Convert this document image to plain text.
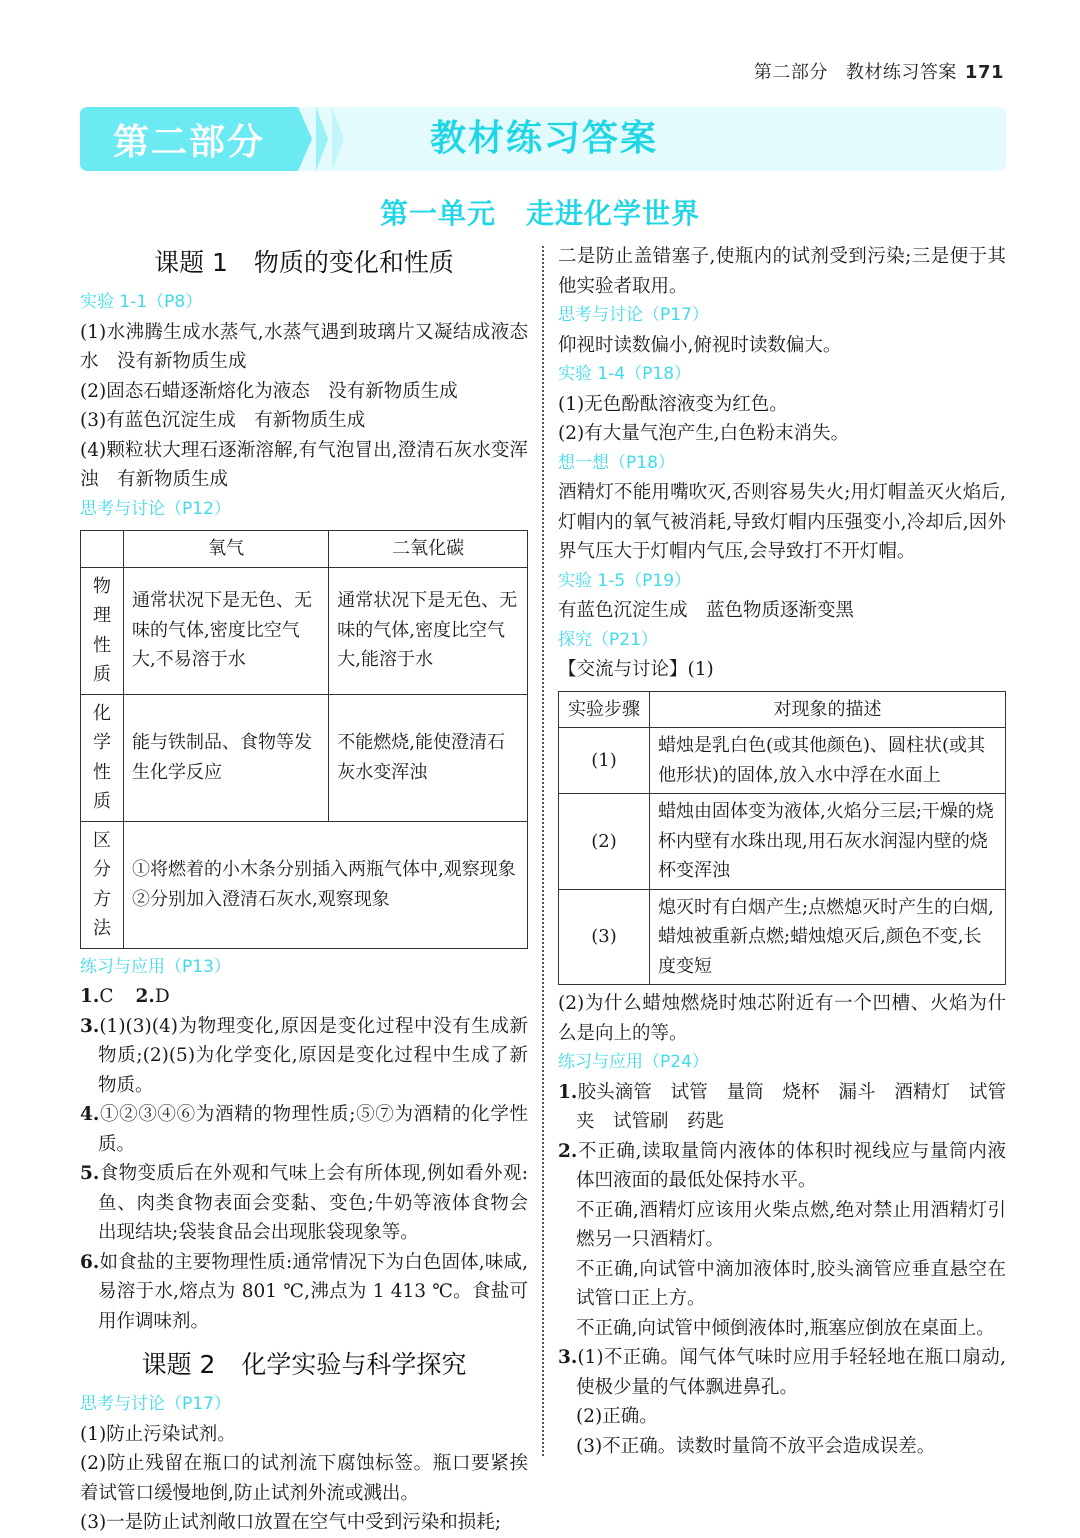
第二部分 教材练习答案 171
第二部分	教材练习答案
第一单元 走进化学世界
课题 1 物质的变化和性质
实验 1-1（P8）

(1)水沸腾生成水蒸气,水蒸气遇到玻璃片又凝结成液态水　没有新物质生成

(2)固态石蜡逐渐熔化为液态　没有新物质生成

(3)有蓝色沉淀生成　有新物质生成

(4)颗粒状大理石逐渐溶解,有气泡冒出,澄清石灰水变浑浊　有新物质生成

思考与讨论（P12）
	氧气	二氧化碳
物理性质	通常状况下是无色、无味的气体,密度比空气大,不易溶于水	通常状况下是无色、无味的气体,密度比空气大,能溶于水
化学性质	能与铁制品、食物等发生化学反应	不能燃烧,能使澄清石灰水变浑浊
区分方法	①将燃着的小木条分别插入两瓶气体中,观察现象
②分别加入澄清石灰水,观察现象	
练习与应用（P13）

1.C 2.D

3.(1)(3)(4)为物理变化,原因是变化过程中没有生成新物质;(2)(5)为化学变化,原因是变化过程中生成了新物质。

4.①②③④⑥为酒精的物理性质;⑤⑦为酒精的化学性质。

5.食物变质后在外观和气味上会有所体现,例如看外观:鱼、肉类食物表面会变黏、变色;牛奶等液体食物会出现结块;袋装食品会出现胀袋现象等。

6.如食盐的主要物理性质:通常情况下为白色固体,味咸,易溶于水,熔点为 801 ℃,沸点为 1 413 ℃。食盐可用作调味剂。

课题 2 化学实验与科学探究
思考与讨论（P17）

(1)防止污染试剂。

(2)防止残留在瓶口的试剂流下腐蚀标签。瓶口要紧挨着试管口缓慢地倒,防止试剂外流或溅出。

(3)一是防止试剂敞口放置在空气中受到污染和损耗;

二是防止盖错塞子,使瓶内的试剂受到污染;三是便于其他实验者取用。

思考与讨论（P17）

仰视时读数偏小,俯视时读数偏大。

实验 1-4（P18）

(1)无色酚酞溶液变为红色。

(2)有大量气泡产生,白色粉末消失。

想一想（P18）

酒精灯不能用嘴吹灭,否则容易失火;用灯帽盖灭火焰后,灯帽内的氧气被消耗,导致灯帽内压强变小,冷却后,因外界气压大于灯帽内气压,会导致打不开灯帽。

实验 1-5（P19）

有蓝色沉淀生成　蓝色物质逐渐变黑

探究（P21）

【交流与讨论】(1)

实验步骤	对现象的描述
(1)	蜡烛是乳白色(或其他颜色)、圆柱状(或其他形状)的固体,放入水中浮在水面上
(2)	蜡烛由固体变为液体,火焰分三层;干燥的烧杯内壁有水珠出现,用石灰水润湿内壁的烧杯变浑浊
(3)	熄灭时有白烟产生;点燃熄灭时产生的白烟,蜡烛被重新点燃;蜡烛熄灭后,颜色不变,长度变短

(2)为什么蜡烛燃烧时烛芯附近有一个凹槽、火焰为什么是向上的等。

练习与应用（P24）

1.胶头滴管　试管　量筒　烧杯　漏斗　酒精灯　试管夹　试管刷　药匙

2.不正确,读取量筒内液体的体积时视线应与量筒内液体凹液面的最低处保持水平。

不正确,酒精灯应该用火柴点燃,绝对禁止用酒精灯引燃另一只酒精灯。

不正确,向试管中滴加液体时,胶头滴管应垂直悬空在试管口正上方。

不正确,向试管中倾倒液体时,瓶塞应倒放在桌面上。

3.(1)不正确。闻气体气味时应用手轻轻地在瓶口扇动,使极少量的气体飘进鼻孔。

(2)正确。

(3)不正确。读数时量筒不放平会造成误差。
